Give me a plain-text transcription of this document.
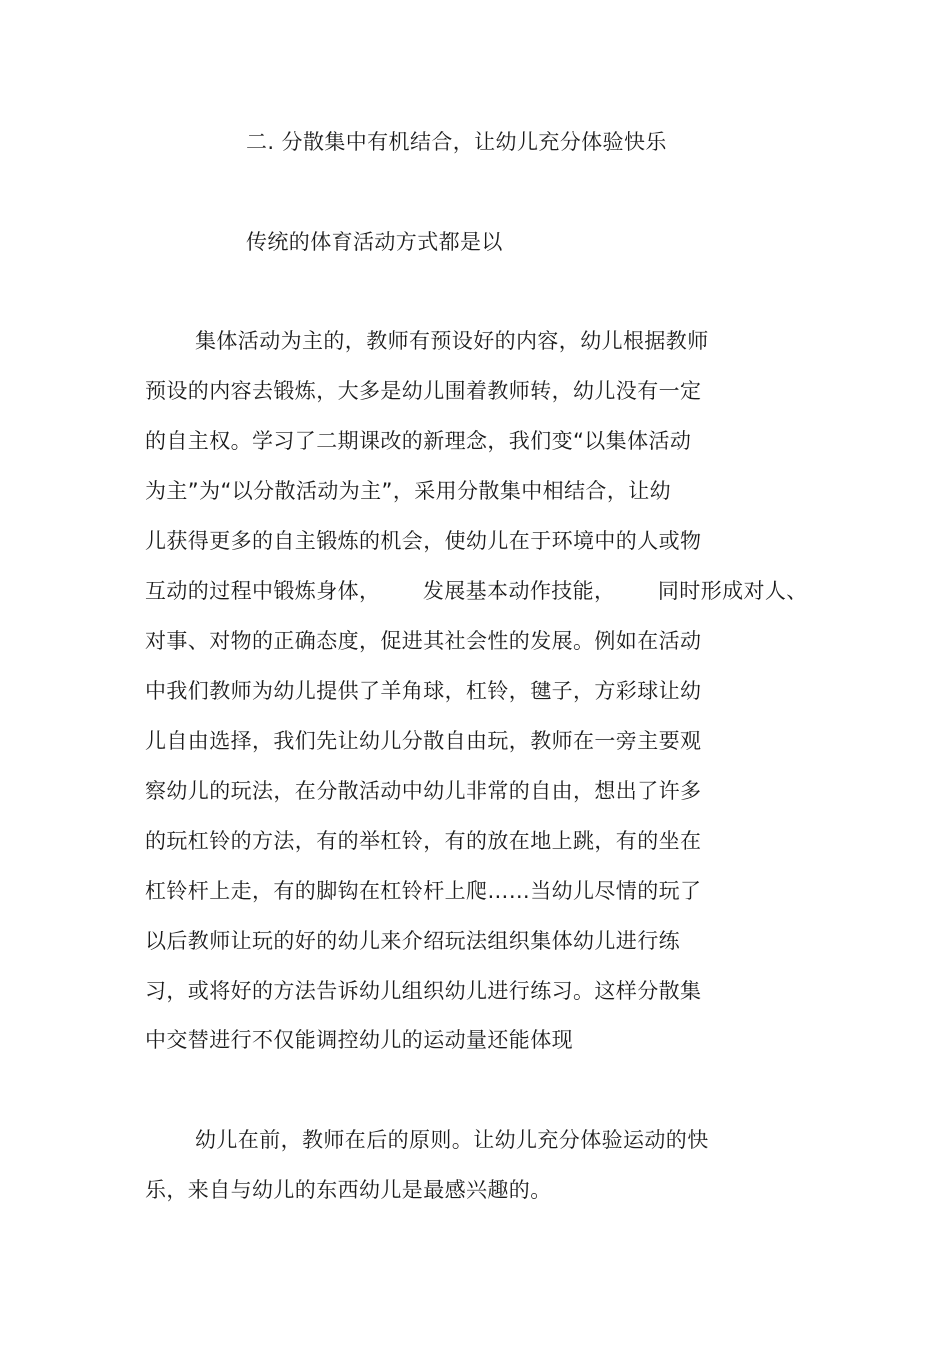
二. 分散集中有机结合，让幼儿充分体验快乐
传统的体育活动方式都是以
集体活动为主的，教师有预设好的内容，幼儿根据教师
预设的内容去锻炼，大多是幼儿围着教师转，幼儿没有一定
的自主权。学习了二期课改的新理念，我们变“以集体活动
为主”为“以分散活动为主”，采用分散集中相结合，让幼
儿获得更多的自主锻炼的机会，使幼儿在于环境中的人或物
互动的过程中锻炼身体，      发展基本动作技能，      同时形成对人、
对事、对物的正确态度，促进其社会性的发展。例如在活动
中我们教师为幼儿提供了羊角球，杠铃，毽子，方彩球让幼
儿自由选择，我们先让幼儿分散自由玩，教师在一旁主要观
察幼儿的玩法，在分散活动中幼儿非常的自由，想出了许多
的玩杠铃的方法，有的举杠铃，有的放在地上跳，有的坐在
杠铃杆上走，有的脚钩在杠铃杆上爬……当幼儿尽情的玩了
以后教师让玩的好的幼儿来介绍玩法组织集体幼儿进行练
习，或将好的方法告诉幼儿组织幼儿进行练习。这样分散集
中交替进行不仅能调控幼儿的运动量还能体现
幼儿在前，教师在后的原则。让幼儿充分体验运动的快
乐，来自与幼儿的东西幼儿是最感兴趣的。
